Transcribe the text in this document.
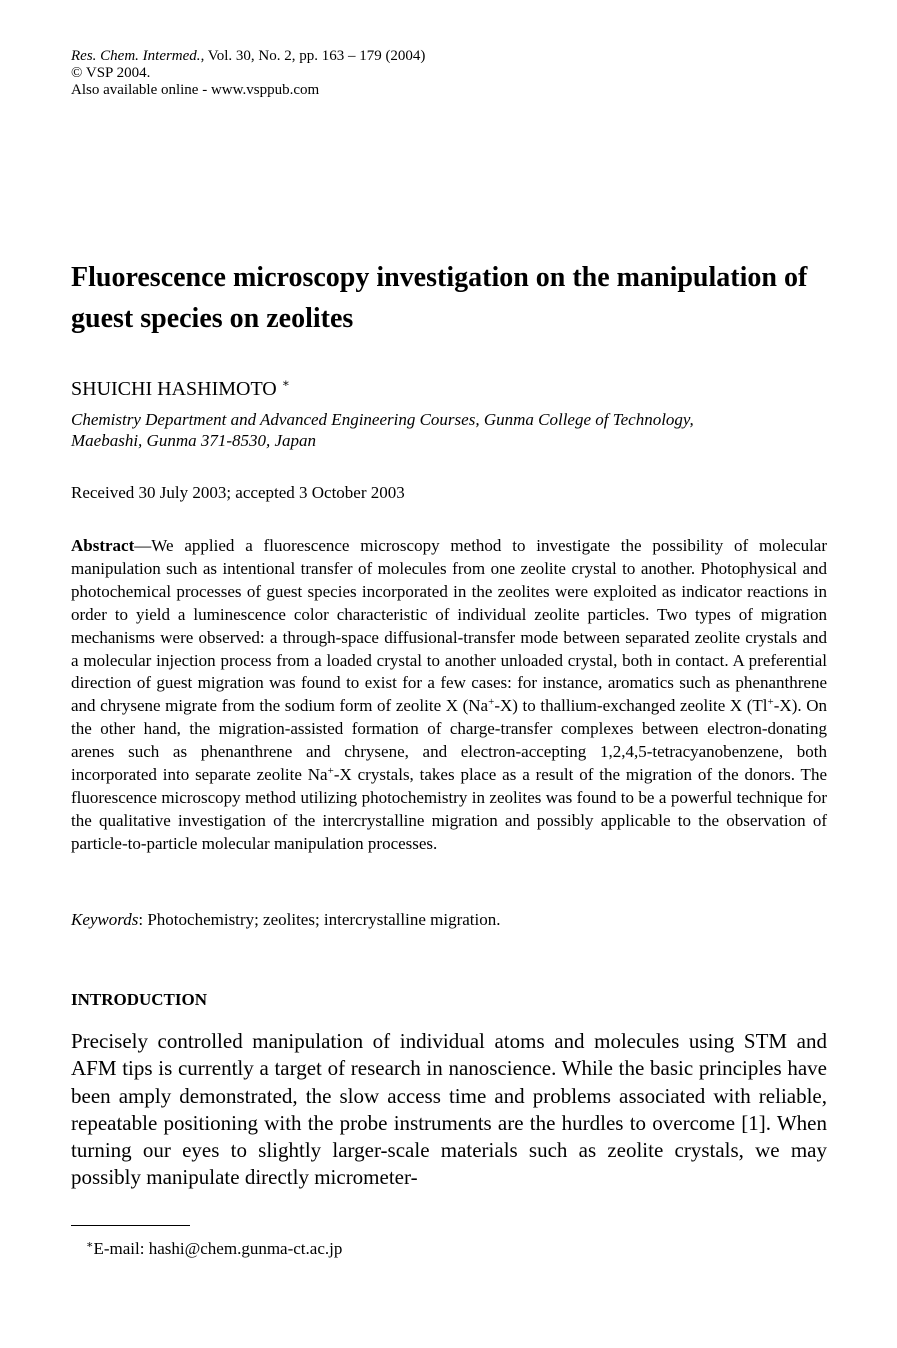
Res. Chem. Intermed., Vol. 30, No. 2, pp. 163 – 179 (2004)
© VSP 2004.
Also available online - www.vsppub.com
Fluorescence microscopy investigation on the manipulation of guest species on zeolites
SHUICHI HASHIMOTO ∗
Chemistry Department and Advanced Engineering Courses, Gunma College of Technology,
Maebashi, Gunma 371-8530, Japan
Received 30 July 2003; accepted 3 October 2003

Abstract—We applied a fluorescence microscopy method to investigate the possibility of molecular manipulation such as intentional transfer of molecules from one zeolite crystal to another. Photophysical and photochemical processes of guest species incorporated in the zeolites were exploited as indicator reactions in order to yield a luminescence color characteristic of individual zeolite particles. Two types of migration mechanisms were observed: a through-space diffusional-transfer mode between separated zeolite crystals and a molecular injection process from a loaded crystal to another unloaded crystal, both in contact. A preferential direction of guest migration was found to exist for a few cases: for instance, aromatics such as phenanthrene and chrysene migrate from the sodium form of zeolite X (Na+-X) to thallium-exchanged zeolite X (Tl+-X). On the other hand, the migration-assisted formation of charge-transfer complexes between electron-donating arenes such as phenanthrene and chrysene, and electron-accepting 1,2,4,5-tetracyanobenzene, both incorporated into separate zeolite Na+-X crystals, takes place as a result of the migration of the donors. The fluorescence microscopy method utilizing photochemistry in zeolites was found to be a powerful technique for the qualitative investigation of the intercrystalline migration and possibly applicable to the observation of particle-to-particle molecular manipulation processes.

Keywords: Photochemistry; zeolites; intercrystalline migration.
INTRODUCTION

Precisely controlled manipulation of individual atoms and molecules using STM and AFM tips is currently a target of research in nanoscience. While the basic principles have been amply demonstrated, the slow access time and problems associated with reliable, repeatable positioning with the probe instruments are the hurdles to overcome [1]. When turning our eyes to slightly larger-scale materials such as zeolite crystals, we may possibly manipulate directly micrometer-

∗E-mail: hashi@chem.gunma-ct.ac.jp
